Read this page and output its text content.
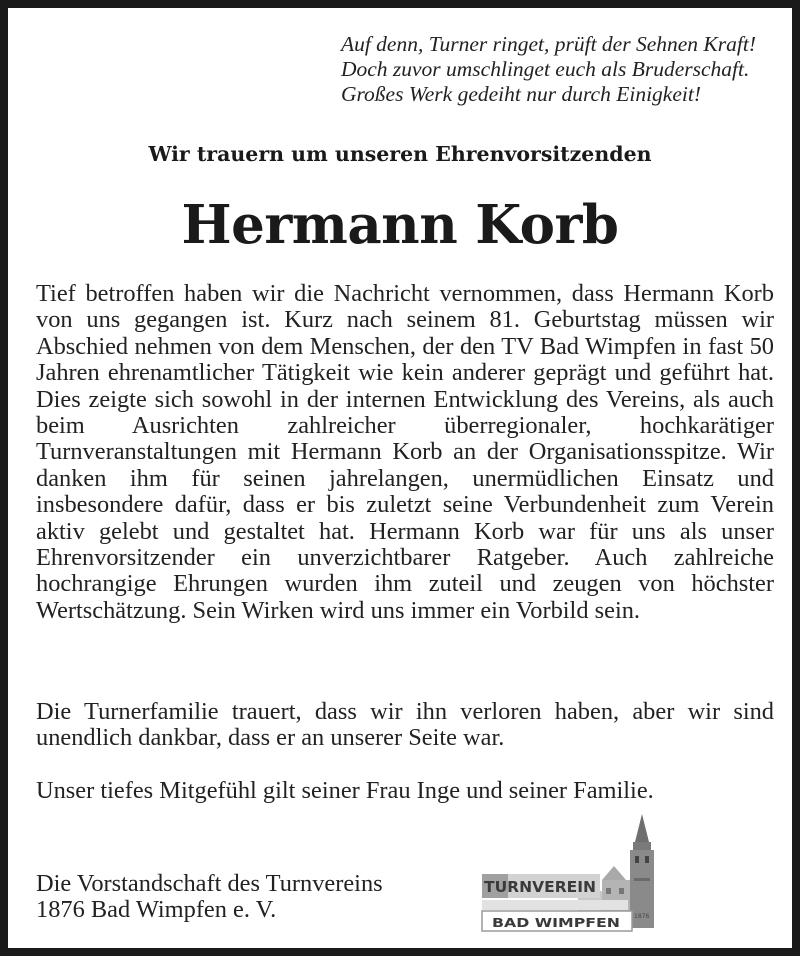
Auf denn, Turner ringet, prüft der Sehnen Kraft!
Doch zuvor umschlinget euch als Bruderschaft.
Großes Werk gedeiht nur durch Einigkeit!

Wir trauern um unseren Ehrenvorsitzenden

Hermann Korb

Tief betroffen haben wir die Nachricht vernommen, dass Hermann Korb von uns gegangen ist. Kurz nach seinem 81. Geburtstag müssen wir Abschied nehmen von dem Menschen, der den TV Bad Wimpfen in fast 50 Jahren ehrenamtlicher Tätigkeit wie kein anderer geprägt und geführt hat. Dies zeigte sich sowohl in der internen Entwicklung des Vereins, als auch beim Ausrichten zahlreicher überregionaler, hochkarätiger Turnveranstaltungen mit Hermann Korb an der Organisationsspitze. Wir danken ihm für seinen jahrelangen, unermüdlichen Einsatz und insbesondere dafür, dass er bis zuletzt seine Verbundenheit zum Verein aktiv gelebt und gestaltet hat. Hermann Korb war für uns als unser Ehrenvorsitzender ein unverzichtbarer Ratgeber. Auch zahlreiche hochrangige Ehrungen wurden ihm zuteil und zeugen von höchster Wertschätzung. Sein Wirken wird uns immer ein Vorbild sein.

Die Turnerfamilie trauert, dass wir ihn verloren haben, aber wir sind unendlich dankbar, dass er an unserer Seite war.

Unser tiefes Mitgefühl gilt seiner Frau Inge und seiner Familie.

Die Vorstandschaft des Turnvereins
1876 Bad Wimpfen e. V.

TURNVEREIN
1876
BAD WIMPFEN
